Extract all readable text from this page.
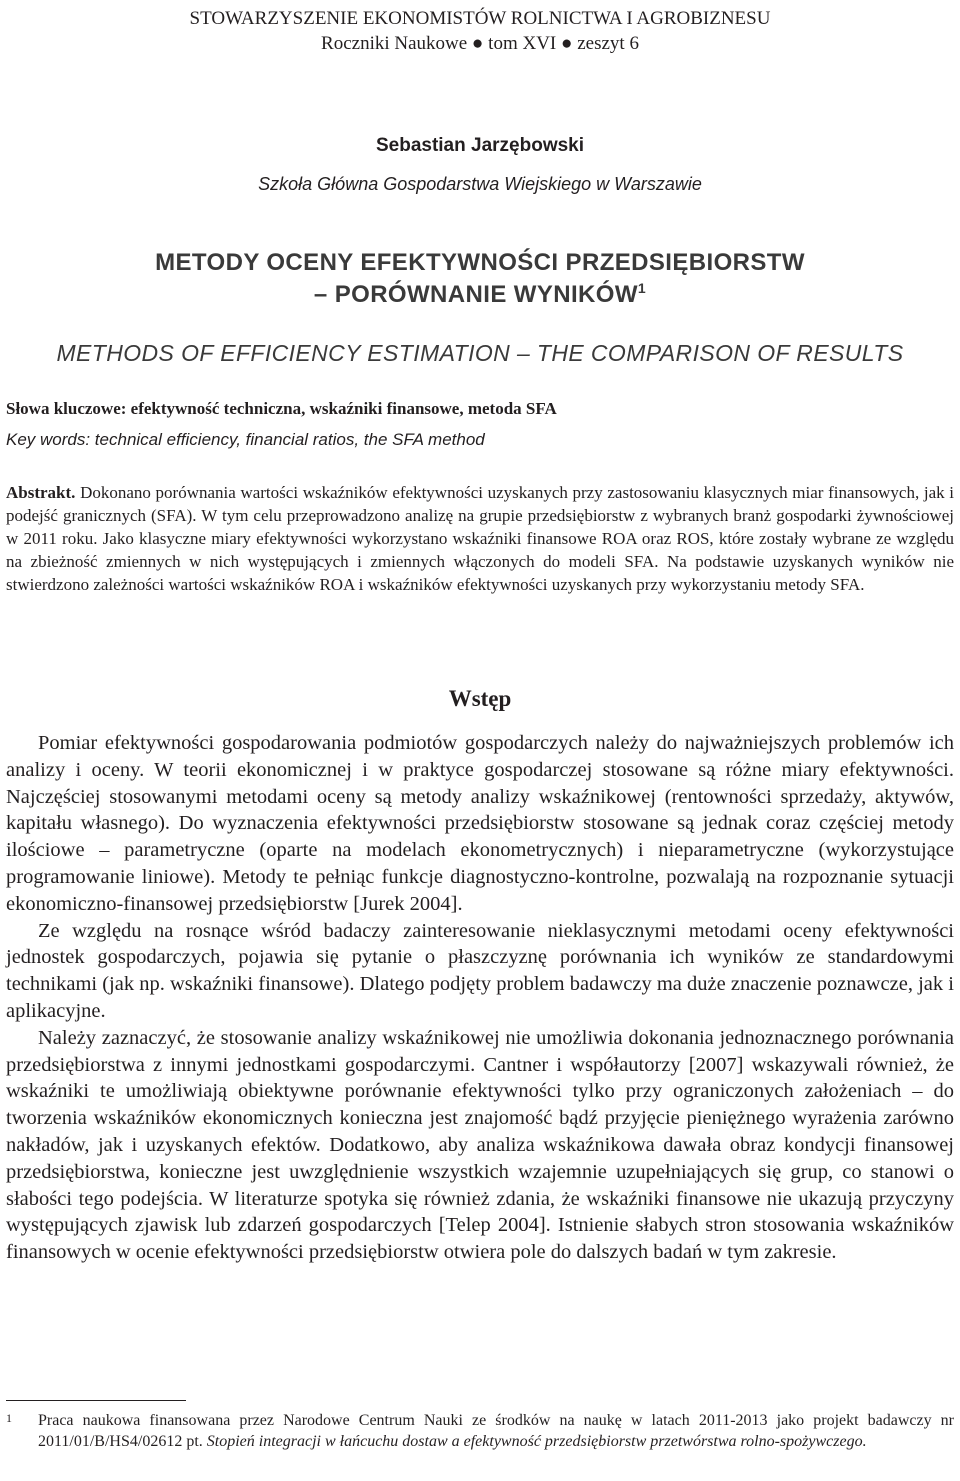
STOWARZYSZENIE EKONOMISTÓW ROLNICTWA I AGROBIZNESU
Roczniki Naukowe ● tom XVI ● zeszyt 6
Sebastian Jarzębowski
Szkoła Główna Gospodarstwa Wiejskiego w Warszawie
METODY OCENY EFEKTYWNOŚCI PRZEDSIĘBIORSTW
– PORÓWNANIE WYNIKÓW$^1$
METHODS OF EFFICIENCY ESTIMATION – THE COMPARISON OF RESULTS
Słowa kluczowe: efektywność techniczna, wskaźniki finansowe, metoda SFA
Key words: technical efficiency, financial ratios, the SFA method
Abstrakt. Dokonano porównania wartości wskaźników efektywności uzyskanych przy zastosowaniu klasycznych miar finansowych, jak i podejść granicznych (SFA). W tym celu przeprowadzono analizę na grupie przedsiębiorstw z wybranych branż gospodarki żywnościowej w 2011 roku. Jako klasyczne miary efektywności wykorzystano wskaźniki finansowe ROA oraz ROS, które zostały wybrane ze względu na zbieżność zmiennych w nich występujących i zmiennych włączonych do modeli SFA. Na podstawie uzyskanych wyników nie stwierdzono zależności wartości wskaźników ROA i wskaźników efektywności uzyskanych przy wykorzystaniu metody SFA.
Wstęp

Pomiar efektywności gospodarowania podmiotów gospodarczych należy do najważniejszych problemów ich analizy i oceny. W teorii ekonomicznej i w praktyce gospodarczej stosowane są różne miary efektywności. Najczęściej stosowanymi metodami oceny są metody analizy wskaźnikowej (rentowności sprzedaży, aktywów, kapitału własnego). Do wyznaczenia efektywności przedsiębiorstw stosowane są jednak coraz częściej metody ilościowe – parametryczne (oparte na modelach ekonometrycznych) i nieparametryczne (wykorzystujące programowanie liniowe). Metody te pełniąc funkcje diagnostyczno-kontrolne, pozwalają na rozpoznanie sytuacji ekonomiczno-finansowej przedsiębiorstw [Jurek 2004].

Ze względu na rosnące wśród badaczy zainteresowanie nieklasycznymi metodami oceny efektywności jednostek gospodarczych, pojawia się pytanie o płaszczyznę porównania ich wyników ze standardowymi technikami (jak np. wskaźniki finansowe). Dlatego podjęty problem badawczy ma duże znaczenie poznawcze, jak i aplikacyjne.

Należy zaznaczyć, że stosowanie analizy wskaźnikowej nie umożliwia dokonania jednoznacznego porównania przedsiębiorstwa z innymi jednostkami gospodarczymi. Cantner i współautorzy [2007] wskazywali również, że wskaźniki te umożliwiają obiektywne porównanie efektywności tylko przy ograniczonych założeniach – do tworzenia wskaźników ekonomicznych konieczna jest znajomość bądź przyjęcie pieniężnego wyrażenia zarówno nakładów, jak i uzyskanych efektów. Dodatkowo, aby analiza wskaźnikowa dawała obraz kondycji finansowej przedsiębiorstwa, konieczne jest uwzględnienie wszystkich wzajemnie uzupełniających się grup, co stanowi o słabości tego podejścia. W literaturze spotyka się również zdania, że wskaźniki finansowe nie ukazują przyczyny występujących zjawisk lub zdarzeń gospodarczych [Telep 2004]. Istnienie słabych stron stosowania wskaźników finansowych w ocenie efektywności przedsiębiorstw otwiera pole do dalszych badań w tym zakresie.

1 Praca naukowa finansowana przez Narodowe Centrum Nauki ze środków na naukę w latach 2011-2013 jako projekt badawczy nr 2011/01/B/HS4/02612 pt. Stopień integracji w łańcuchu dostaw a efektywność przedsiębiorstw przetwórstwa rolno-spożywczego.
